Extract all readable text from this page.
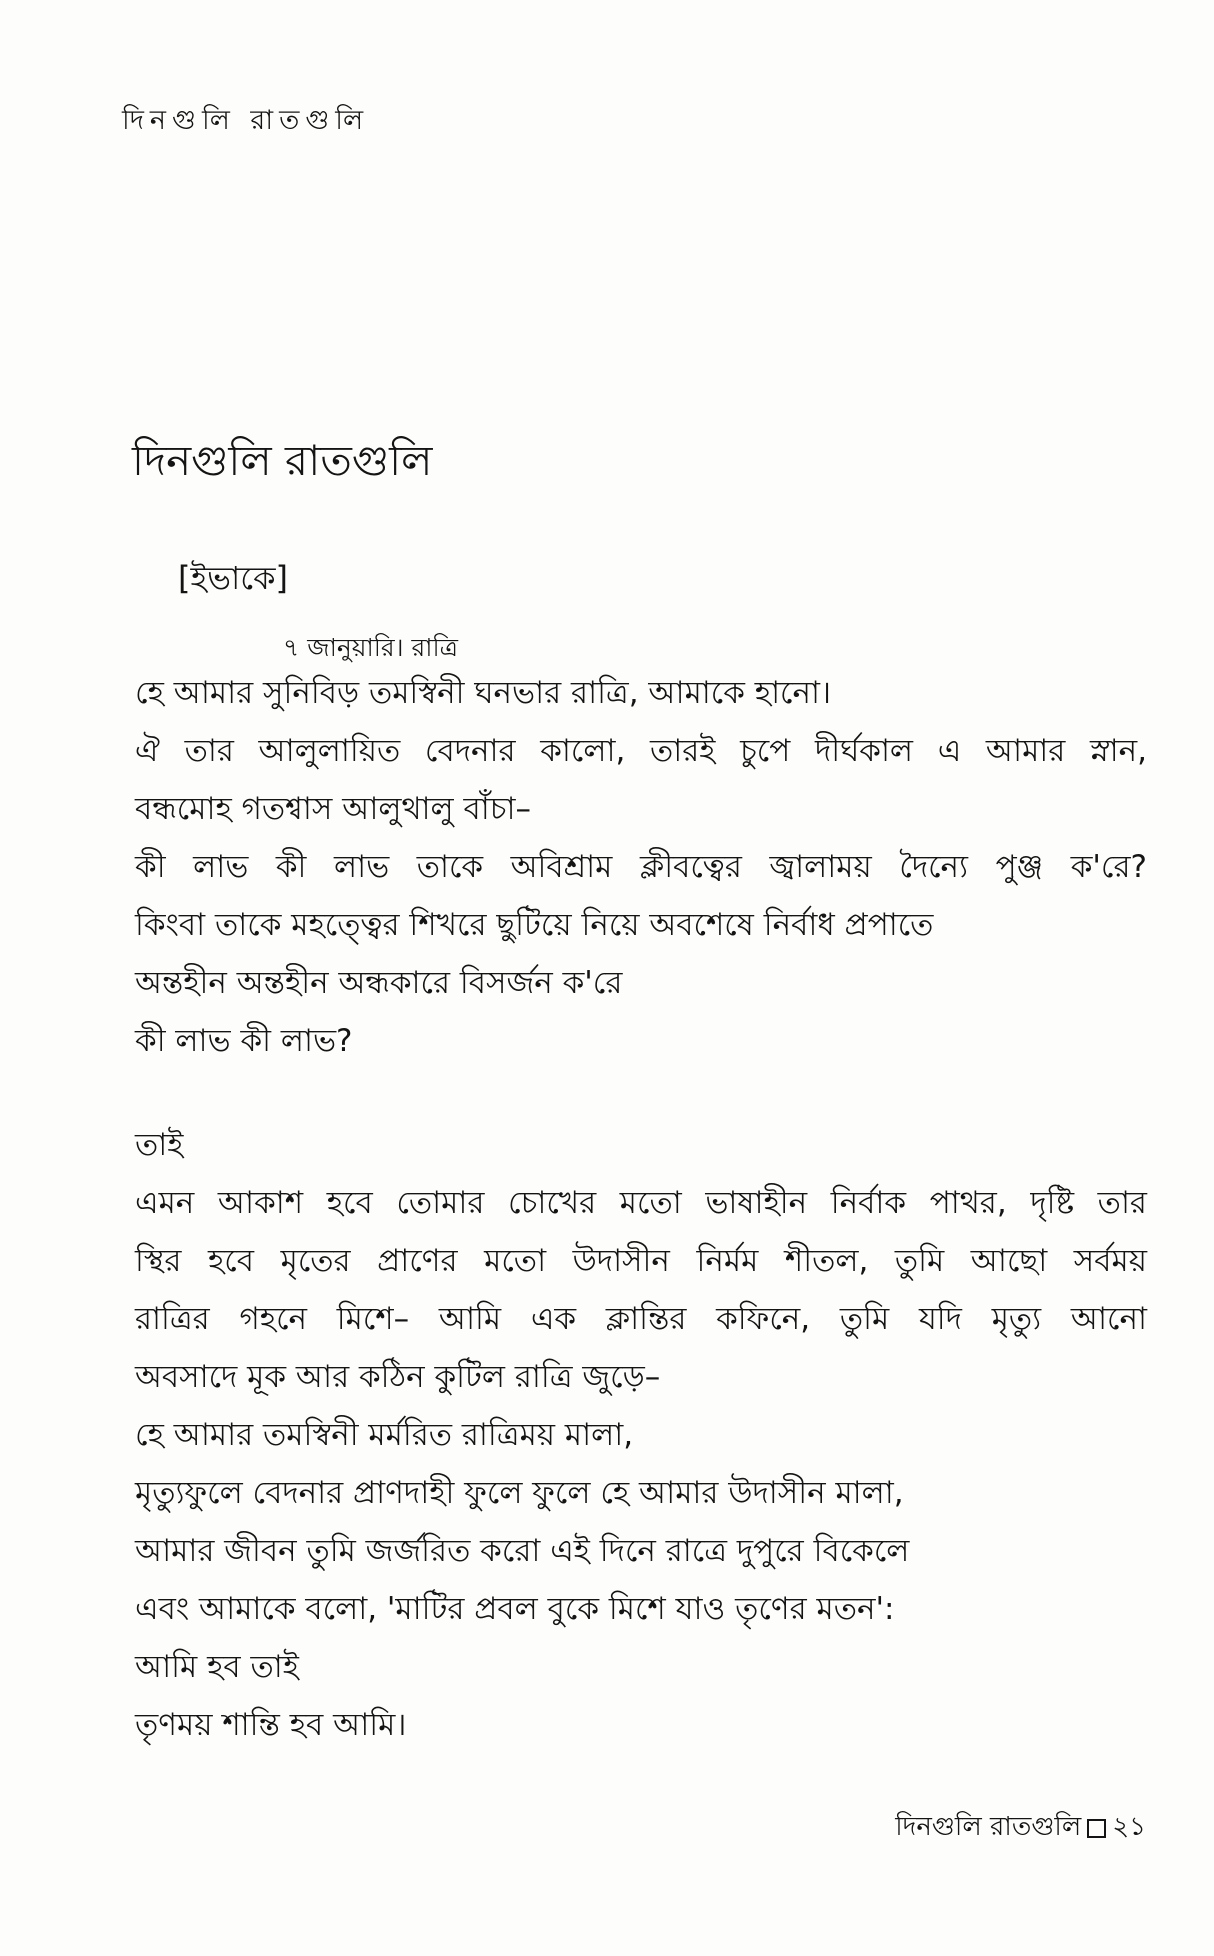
দিনগুলি রাতগুলি
দিনগুলি রাতগুলি
[ইভাকে]
৭ জানুয়ারি। রাত্রি
হে আমার সুনিবিড় তমস্বিনী ঘনভার রাত্রি, আমাকে হানো।
ঐ তার আলুলায়িত বেদনার কালো, তারই চুপে দীর্ঘকাল এ আমার স্নান,
বন্ধমোহ গতশ্বাস আলুথালু বাঁচা–
কী লাভ কী লাভ তাকে অবিশ্রাম ক্লীবত্বের জ্বালাময় দৈন্যে পুঞ্জ ক'রে?
কিংবা তাকে মহত্ত্বের শিখরে ছুটিয়ে নিয়ে অবশেষে নির্বাধ প্রপাতে
অন্তহীন অন্তহীন অন্ধকারে বিসর্জন ক'রে
কী লাভ কী লাভ?
তাই
এমন আকাশ হবে তোমার চোখের মতো ভাষাহীন নির্বাক পাথর, দৃষ্টি তার
স্থির হবে মৃতের প্রাণের মতো উদাসীন নির্মম শীতল, তুমি আছো সর্বময়
রাত্রির গহনে মিশে– আমি এক ক্লান্তির কফিনে, তুমি যদি মৃত্যু আনো
অবসাদে মূক আর কঠিন কুটিল রাত্রি জুড়ে–
হে আমার তমস্বিনী মর্মরিত রাত্রিময় মালা,
মৃত্যুফুলে বেদনার প্রাণদাহী ফুলে ফুলে হে আমার উদাসীন মালা,
আমার জীবন তুমি জর্জরিত করো এই দিনে রাত্রে দুপুরে বিকেলে
এবং আমাকে বলো, 'মাটির প্রবল বুকে মিশে যাও তৃণের মতন':
আমি হব তাই
তৃণময় শান্তি হব আমি।
দিনগুলি রাতগুলি ২১
